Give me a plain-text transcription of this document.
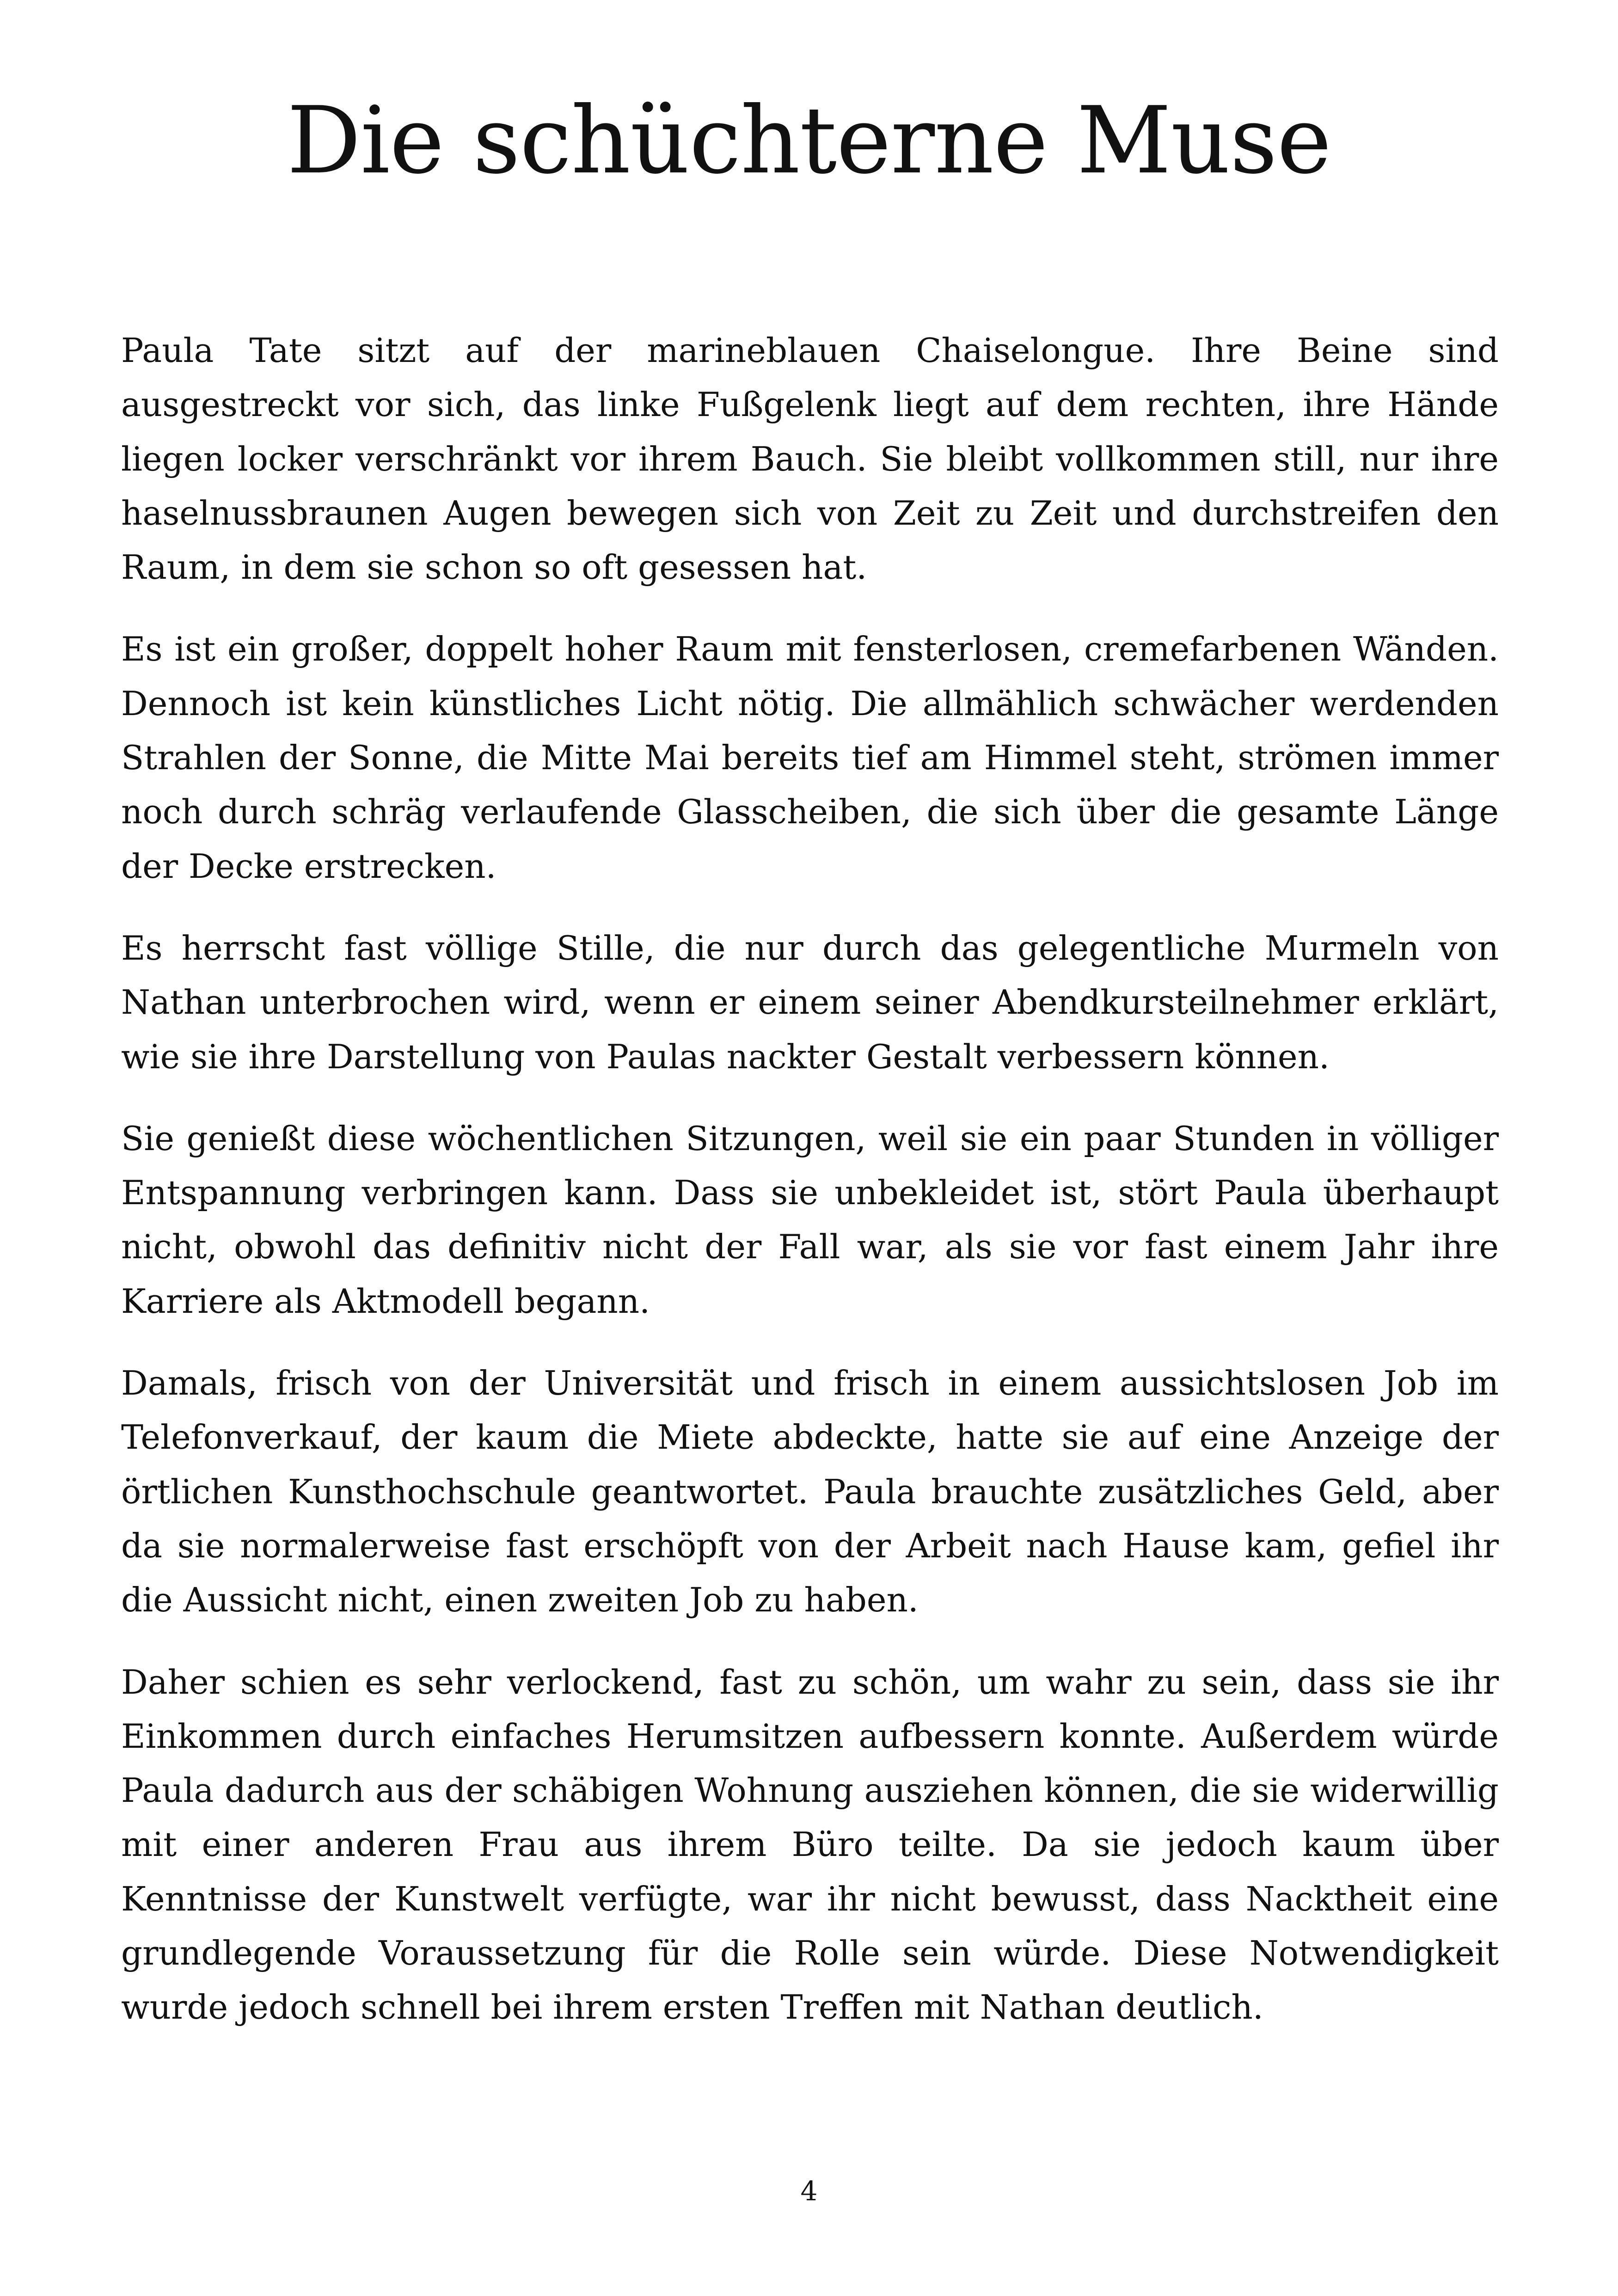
Die schüchterne Muse

Paula Tate sitzt auf der marineblauen Chaiselongue. Ihre Beine sind ausgestreckt vor sich, das linke Fußgelenk liegt auf dem rechten, ihre Hände liegen locker verschränkt vor ihrem Bauch. Sie bleibt vollkommen still, nur ihre haselnussbraunen Augen bewegen sich von Zeit zu Zeit und durchstreifen den Raum, in dem sie schon so oft gesessen hat.

Es ist ein großer, doppelt hoher Raum mit fensterlosen, cremefarbenen Wänden. Dennoch ist kein künstliches Licht nötig. Die allmählich schwächer werdenden Strahlen der Sonne, die Mitte Mai bereits tief am Himmel steht, strömen immer noch durch schräg verlaufende Glasscheiben, die sich über die gesamte Länge der Decke erstrecken.

Es herrscht fast völlige Stille, die nur durch das gelegentliche Murmeln von Nathan unterbrochen wird, wenn er einem seiner Abendkursteilnehmer erklärt, wie sie ihre Darstellung von Paulas nackter Gestalt verbessern können.

Sie genießt diese wöchentlichen Sitzungen, weil sie ein paar Stunden in völliger Entspannung verbringen kann. Dass sie unbekleidet ist, stört Paula überhaupt nicht, obwohl das definitiv nicht der Fall war, als sie vor fast einem Jahr ihre Karriere als Aktmodell begann.

Damals, frisch von der Universität und frisch in einem aussichtslosen Job im Telefonverkauf, der kaum die Miete abdeckte, hatte sie auf eine Anzeige der örtlichen Kunsthochschule geantwortet. Paula brauchte zusätzliches Geld, aber da sie normalerweise fast erschöpft von der Arbeit nach Hause kam, gefiel ihr die Aussicht nicht, einen zweiten Job zu haben.

Daher schien es sehr verlockend, fast zu schön, um wahr zu sein, dass sie ihr Einkommen durch einfaches Herumsitzen aufbessern konnte. Außerdem würde Paula dadurch aus der schäbigen Wohnung ausziehen können, die sie widerwillig mit einer anderen Frau aus ihrem Büro teilte. Da sie jedoch kaum über Kenntnisse der Kunstwelt verfügte, war ihr nicht bewusst, dass Nacktheit eine grundlegende Voraussetzung für die Rolle sein würde. Diese Notwendigkeit wurde jedoch schnell bei ihrem ersten Treffen mit Nathan deutlich.

4
